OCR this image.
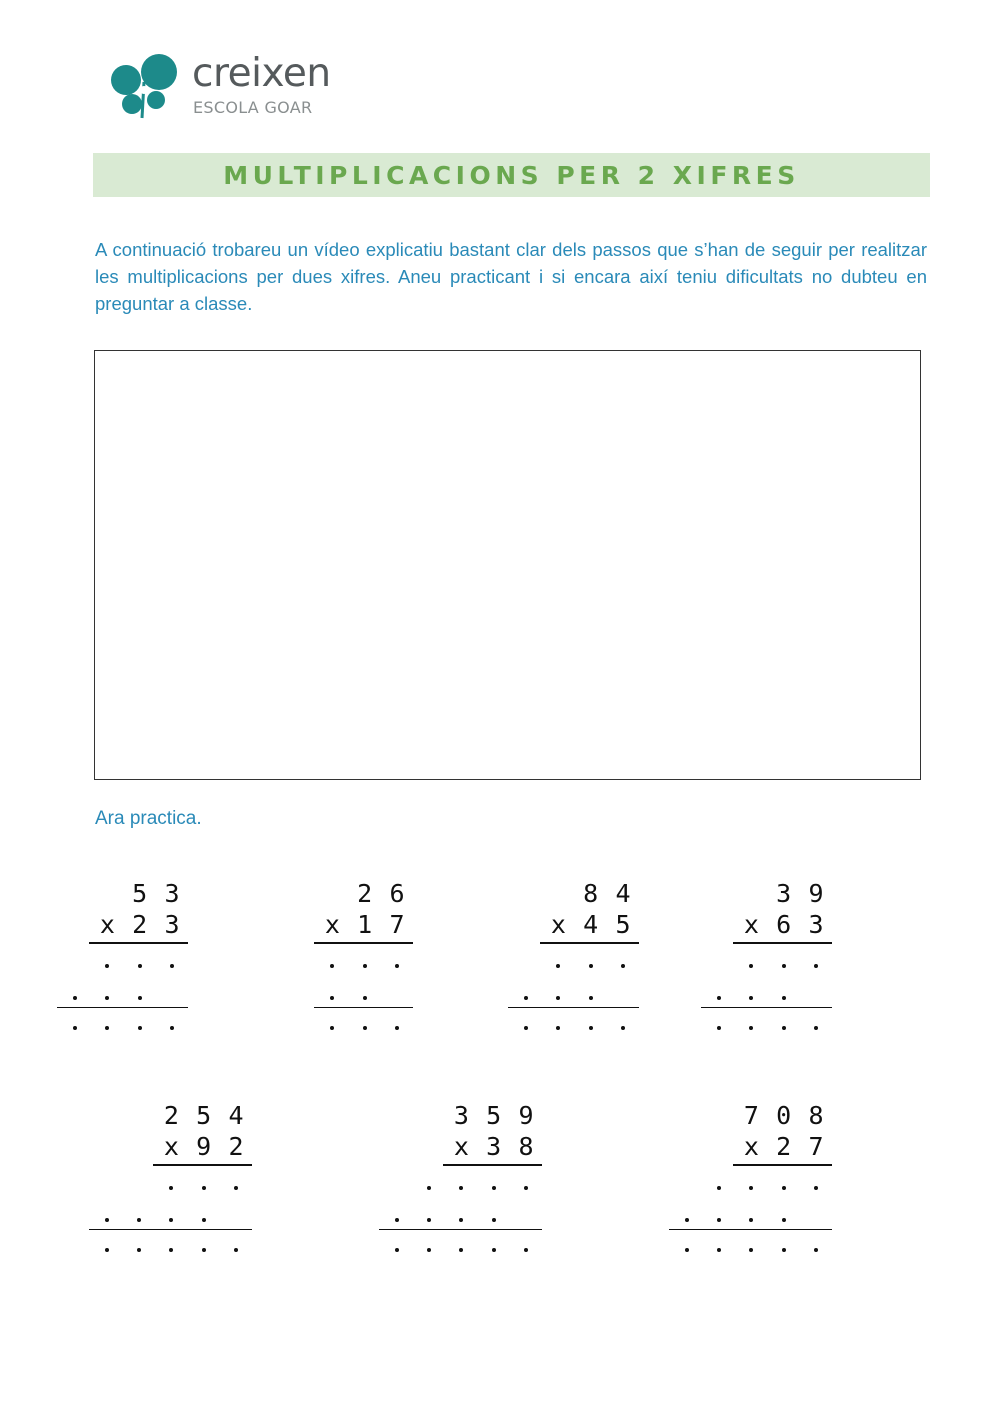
creixen
ESCOLA GOAR
MULTIPLICACIONS PER 2 XIFRES

A continuació trobareu un vídeo explicatiu bastant clar dels passos que s’han de seguir per realitzar les multiplicacions per dues xifres. Aneu practicant i si encara així teniu dificultats no dubteu en preguntar a classe.

Ara practica.
3
5
3
2
x
6
2
7
1
x
4
8
5
4
x
9
3
3
6
x
4
5
2
2
9
x
9
5
3
8
3
x
8
0
7
7
2
x
